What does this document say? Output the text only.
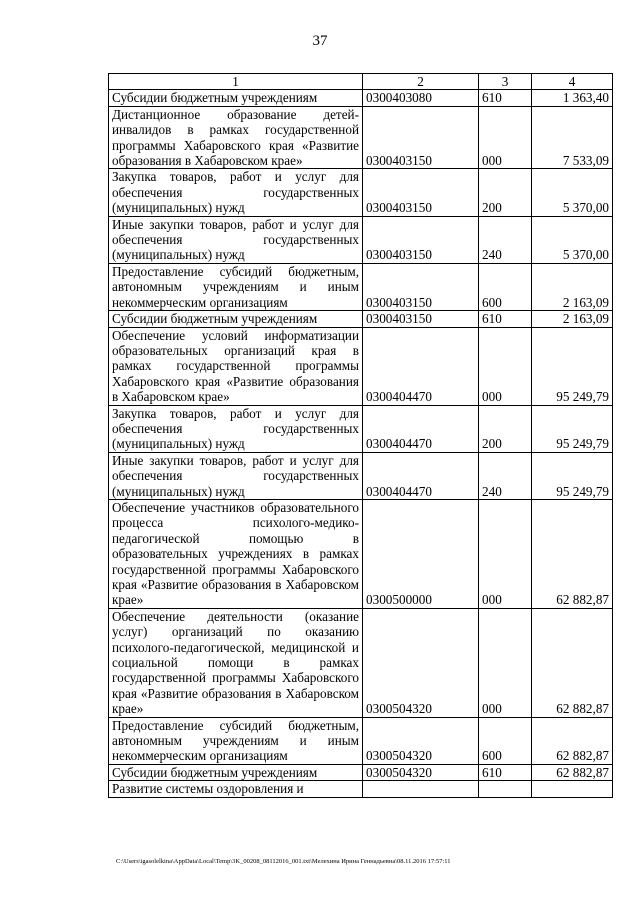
37
1	2	3	4
Субсидии бюджетным учреждениям	0300403080	610	1 363,40
Дистанционное образование детей-инвалидов в рамках государственной программы Хабаровского края «Развитие образования в Хабаровском крае»	0300403150	000	7 533,09
Закупка товаров, работ и услуг для обеспечения государственных (муниципальных) нужд	0300403150	200	5 370,00
Иные закупки товаров, работ и услуг для обеспечения государственных (муниципальных) нужд	0300403150	240	5 370,00
Предоставление субсидий бюджетным, автономным учреждениям и иным некоммерческим организациям	0300403150	600	2 163,09
Субсидии бюджетным учреждениям	0300403150	610	2 163,09
Обеспечение условий информатизации образовательных организаций края в рамках государственной программы Хабаровского края «Развитие образования в Хабаровском крае»	0300404470	000	95 249,79
Закупка товаров, работ и услуг для обеспечения государственных (муниципальных) нужд	0300404470	200	95 249,79
Иные закупки товаров, работ и услуг для обеспечения государственных (муниципальных) нужд	0300404470	240	95 249,79
Обеспечение участников образовательного процесса психолого-медико-педагогической помощью в образовательных учреждениях в рамках государственной программы Хабаровского края «Развитие образования в Хабаровском крае»	0300500000	000	62 882,87
Обеспечение деятельности (оказание услуг) организаций по оказанию психолого-педагогической, медицинской и социальной помощи в рамках государственной программы Хабаровского края «Развитие образования в Хабаровском крае»	0300504320	000	62 882,87
Предоставление субсидий бюджетным, автономным учреждениям и иным некоммерческим организациям	0300504320	600	62 882,87
Субсидии бюджетным учреждениям	0300504320	610	62 882,87
Развитие системы оздоровления и			
C:\Users\igasolelkina\AppData\Local\Temp\3K_00208_08112016_001.txt\Мелехина Ирина Геннадьевна\08.11.2016 17:57:11
